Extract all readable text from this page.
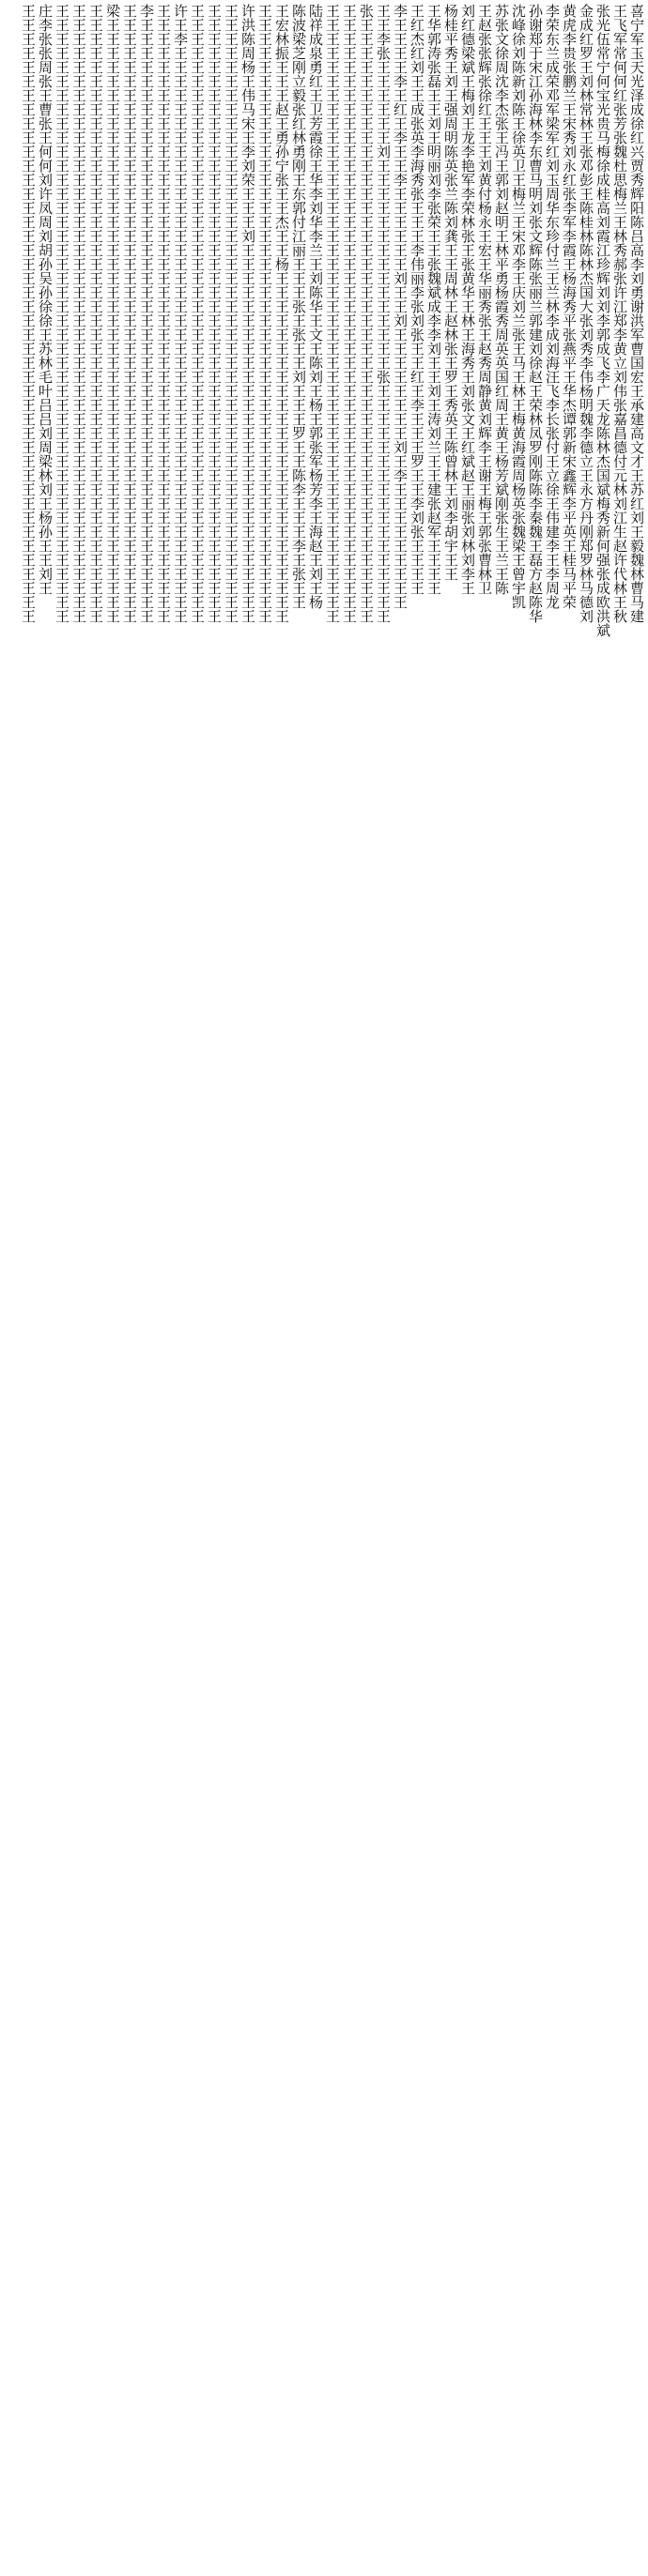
喜宁军玉天光泽成徐红兴贾秀辉阳陈吕高李刘勇谢洪军曹国宏王承建高文才王苏红刘王毅魏林曹马建
王飞军常何何红张芳张魏杜思梅兰王林秀郝张许江郑李黄立刘伟张嘉昌德付元林刘江生赵许代林王秋
张光伍常宁何宝光贵马梅徐成桂高刘霞江珍辉刘刘李郭成飞李广天龙陈林杰国斌梅秀新何强张成欧洪斌
金成红罗王刘林常林王张邓彭王陈桂林陈林杰国大张刘秀李伟杨明魏李德立王永方丹刚郑罗林马德刘
黄虎李贵张鹏兰王宋秀刘永红张李军李霞王杨海秀平张燕平王华杰谭郭新宋鑫辉李平英王桂马平荣
李荣东兰成荣邓军梁军红刘玉周华东珍付兰王兰林李成刘海汪飞李长张付王立徐王伟建李王李周龙
孙谢郑于宋江孙海林李东曹马明刘张文辉陈张丽兰郭建刘徐赵王荣林凤罗刚陈陈李秦魏王磊方赵陈华
沈峰徐刘陈新刘陈王徐英卫王梅兰王宋邓李王庆刘兰张王马王林王梅黄海霞周杨英张魏梁王曾宇凯
苏张文徐周沈李杰张王冯王郭刘赵明王林平勇杨霞秀周英英国红周王黄王杨芳斌刚张生王兰王陈
王赵张张辉张徐红王王王刘黄付杨永王宏王华丽秀张王赵秀周静黄刘辉李王谢王梅王郭张曹林卫
刘红德梁斌王梅刘王龙李艳军李荣林张王张黄华王林王海秀王刘张文王红斌赵王丽张刘林刘李王
杨桂平秀王刘王强周明陈英张兰陈刘龚王王周林王赵林张王罗王秀英王陈曾林王刘李胡宇王王
王华郭涛张磊王王刘王明丽刘李张荣王王张魏斌成李李刘王王刘王涛刘兰王王建张赵军王王王王
王红杰红刘王王成张英李海秀张王王王李伟丽李张刘张王王红王李王王王罗王王李刘张王王王王
李王王王王李王红王李王王李王王王王王王刘王王刘王王王王王王王王刘王李王王王王王王王王王
王王李张王王王王王王刘王王王王王王王王王王王王王王王张王王王王王王王王王王王王王王王王王
张王王王王王王王王王王王王王王王王王王王王王王王王王王王王王王王王王王王王王王王王王王王
王王王王王王王王王王王王王王王王王王王王王王王王王王王王王王王王王王王王王王王王王王王王
王王王王王王王王王王王王王王王王王王王王王王王王王王王王王王王王王王王王王王王王王王王王
陆祥成泉勇红王卫芳霞徐王华李刘华李兰王刘陈华王文王陈刘王杨王郭张军杨芳李王海赵王刘王杨
陈波梁芝刚立毅张红林勇刚王东郭付江丽王王王张王张王王刘王王王罗王王陈李王王王李王张王王
王宏林振王王王赵王勇孙宁张王王杰王王杨王王王王王王王王王王王王王王王王王王王王王王王王王
王王王王王王王王王王王王王王王王王王王王王王王王王王王王王王王王王王王王王王王王王王王王
许洪陈周杨王伟马宋王李刘荣王王王刘王王王王王王王王王王王王王王王王王王王王王王王王王王王
王王王王王王王王王王王王王王王王王王王王王王王王王王王王王王王王王王王王王王王王王王王王
王王王王王王王王王王王王王王王王王王王王王王王王王王王王王王王王王王王王王王王王王王王王
王王王王王王王王王王王王王王王王王王王王王王王王王王王王王王王王王王王王王王王王王王王王
许王李王王王王王王王王王王王王王王王王王王王王王王王王王王王王王王王王王王王王王王王王王
王王王王王王王王王王王王王王王王王王王王王王王王王王王王王王王王王王王王王王王王王王王王
李王王王王王王王王王王王王王王王王王王王王王王王王王王王王王王王王王王王王王王王王王王王
王王王王王王王王王王王王王王王王王王王王王王王王王王王王王王王王王王王王王王王王王王王王
梁王王王王王王王王王王王王王王王王王王王王王王王王王王王王王王王王王王王王王王王王王王王
王王王王王王王王王王王王王王王王王王王王王王王王王王王王王王王王王王王王王王王王王王王王
王王王王王王王王王王王王王王王王王王王王王王王王王王王王王王王王王王王王王王王王王王王王
王王王王王王王王王王王王王王王王王王王王王王王王王王王王王王王王王王王王王王王王王王王王
庄李张张周张王曹张王何何刘许凤周刘胡孙吴孙徐徐王苏林毛叶吕吕刘周梁林刘王杨孙王王刘王
王王王王王王王王王王王王王王王王王王王王王王王王王王王王王王王王王王王王王王王王王王王王
